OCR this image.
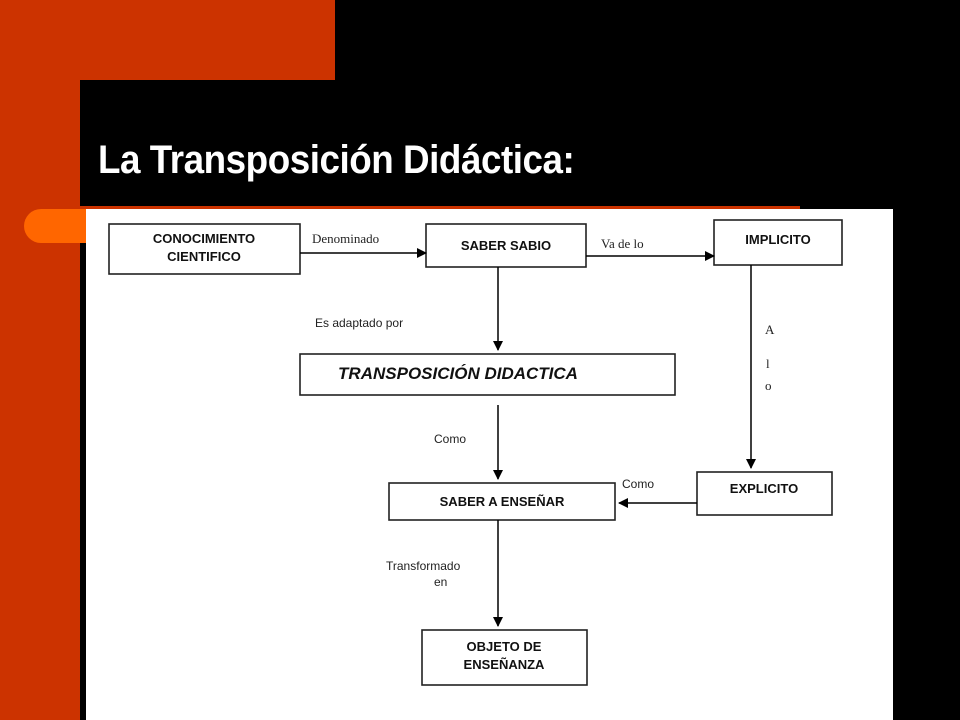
La Transposición Didáctica:
CONOCIMIENTO
CIENTIFICO
SABER SABIO	IMPLICITO
TRANSPOSICIÓN DIDACTICA
SABER A ENSEÑAR
EXPLICITO
OBJETO DE
ENSEÑANZA
Denominado	Va de lo
Es adaptado por	A
l
o
Como
Como
Transformado
en
